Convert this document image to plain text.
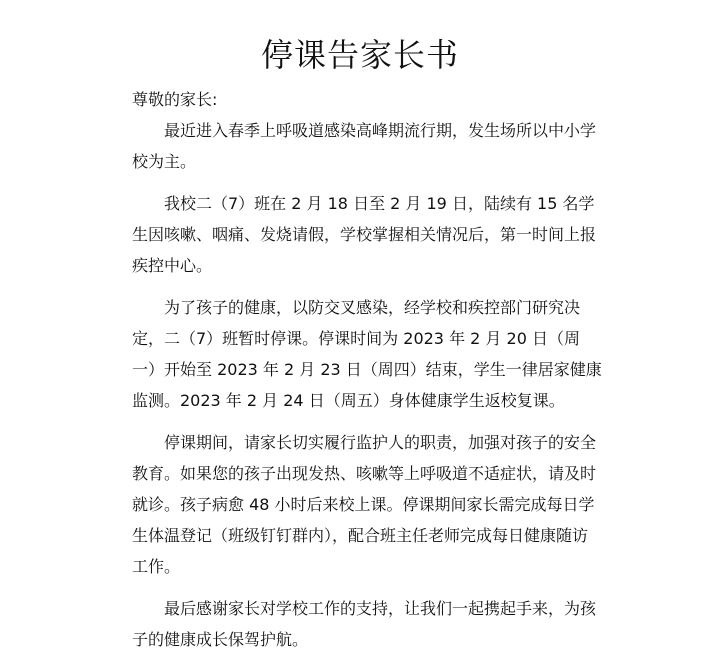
停课告家长书

尊敬的家长:

最近进入春季上呼吸道感染高峰期流行期，发生场所以中小学校为主。

我校二（7）班在 2 月 18 日至 2 月 19 日，陆续有 15 名学生因咳嗽、咽痛、发烧请假，学校掌握相关情况后，第一时间上报疾控中心。

为了孩子的健康，以防交叉感染，经学校和疾控部门研究决定，二（7）班暂时停课。停课时间为 2023 年 2 月 20 日（周一）开始至 2023 年 2 月 23 日（周四）结束，学生一律居家健康监测。2023 年 2 月 24 日（周五）身体健康学生返校复课。

停课期间，请家长切实履行监护人的职责，加强对孩子的安全教育。如果您的孩子出现发热、咳嗽等上呼吸道不适症状，请及时就诊。孩子病愈 48 小时后来校上课。停课期间家长需完成每日学生体温登记（班级钉钉群内），配合班主任老师完成每日健康随访工作。

最后感谢家长对学校工作的支持，让我们一起携起手来，为孩子的健康成长保驾护航。
